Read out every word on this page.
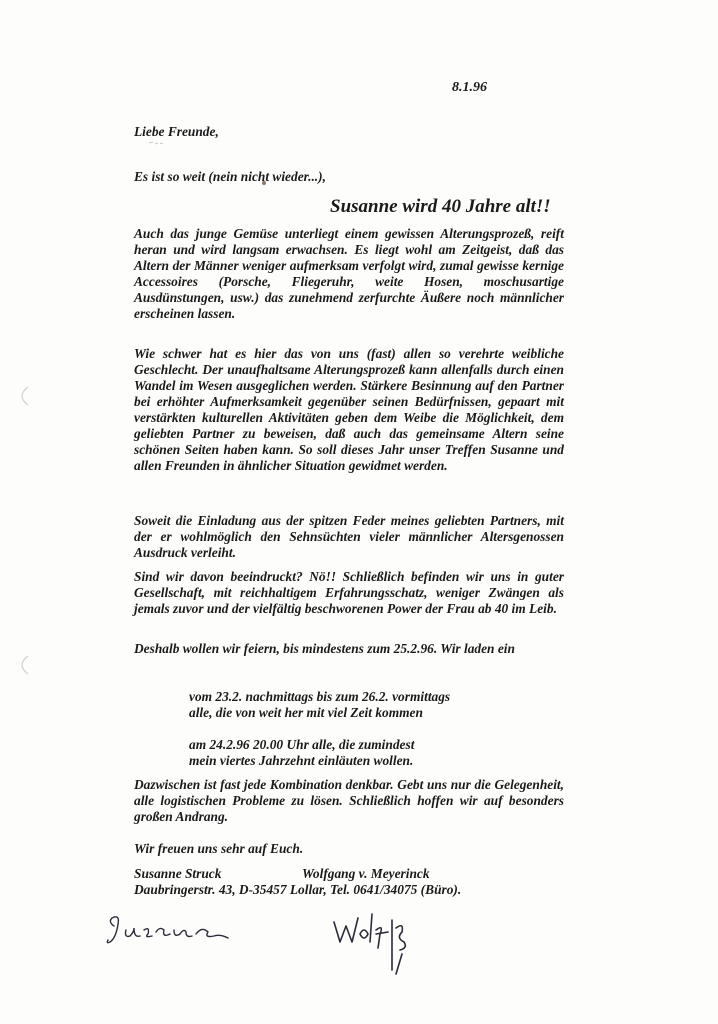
8.1.96
Liebe Freunde,
Es ist so weit (nein nicht wieder...),
Susanne wird 40 Jahre alt!!
Auch das junge Gemüse unterliegt einem gewissen Alterungsprozeß, reift heran und wird langsam erwachsen. Es liegt wohl am Zeitgeist, daß das Altern der Männer weniger aufmerksam verfolgt wird, zumal gewisse kernige Accessoires (Porsche, Fliegeruhr, weite Hosen, moschusartige Ausdünstungen, usw.) das zunehmend zerfurchte Äußere noch männlicher erscheinen lassen.
Wie schwer hat es hier das von uns (fast) allen so verehrte weibliche Geschlecht. Der unaufhaltsame Alterungsprozeß kann allenfalls durch einen Wandel im Wesen ausgeglichen werden. Stärkere Besinnung auf den Partner bei erhöhter Aufmerksamkeit gegenüber seinen Bedürfnissen, gepaart mit verstärkten kulturellen Aktivitäten geben dem Weibe die Möglichkeit, dem geliebten Partner zu beweisen, daß auch das gemeinsame Altern seine schönen Seiten haben kann. So soll dieses Jahr unser Treffen Susanne und allen Freunden in ähnlicher Situation gewidmet werden.
Soweit die Einladung aus der spitzen Feder meines geliebten Partners, mit der er wohlmöglich den Sehnsüchten vieler männlicher Altersgenossen Ausdruck verleiht.
Sind wir davon beeindruckt? Nö!! Schließlich befinden wir uns in guter Gesellschaft, mit reichhaltigem Erfahrungsschatz, weniger Zwängen als jemals zuvor und der vielfältig beschworenen Power der Frau ab 40 im Leib.
Deshalb wollen wir feiern, bis mindestens zum 25.2.96. Wir laden ein
vom 23.2. nachmittags bis zum 26.2. vormittags
alle, die von weit her mit viel Zeit kommen
am 24.2.96 20.00 Uhr alle, die zumindest
mein viertes Jahrzehnt einläuten wollen.
Dazwischen ist fast jede Kombination denkbar. Gebt uns nur die Gelegenheit, alle logistischen Probleme zu lösen. Schließlich hoffen wir auf besonders großen Andrang.
Wir freuen uns sehr auf Euch.
Susanne Struck	Wolfgang v. Meyerinck
Daubringerstr. 43, D-35457 Lollar, Tel. 0641/34075 (Büro).
